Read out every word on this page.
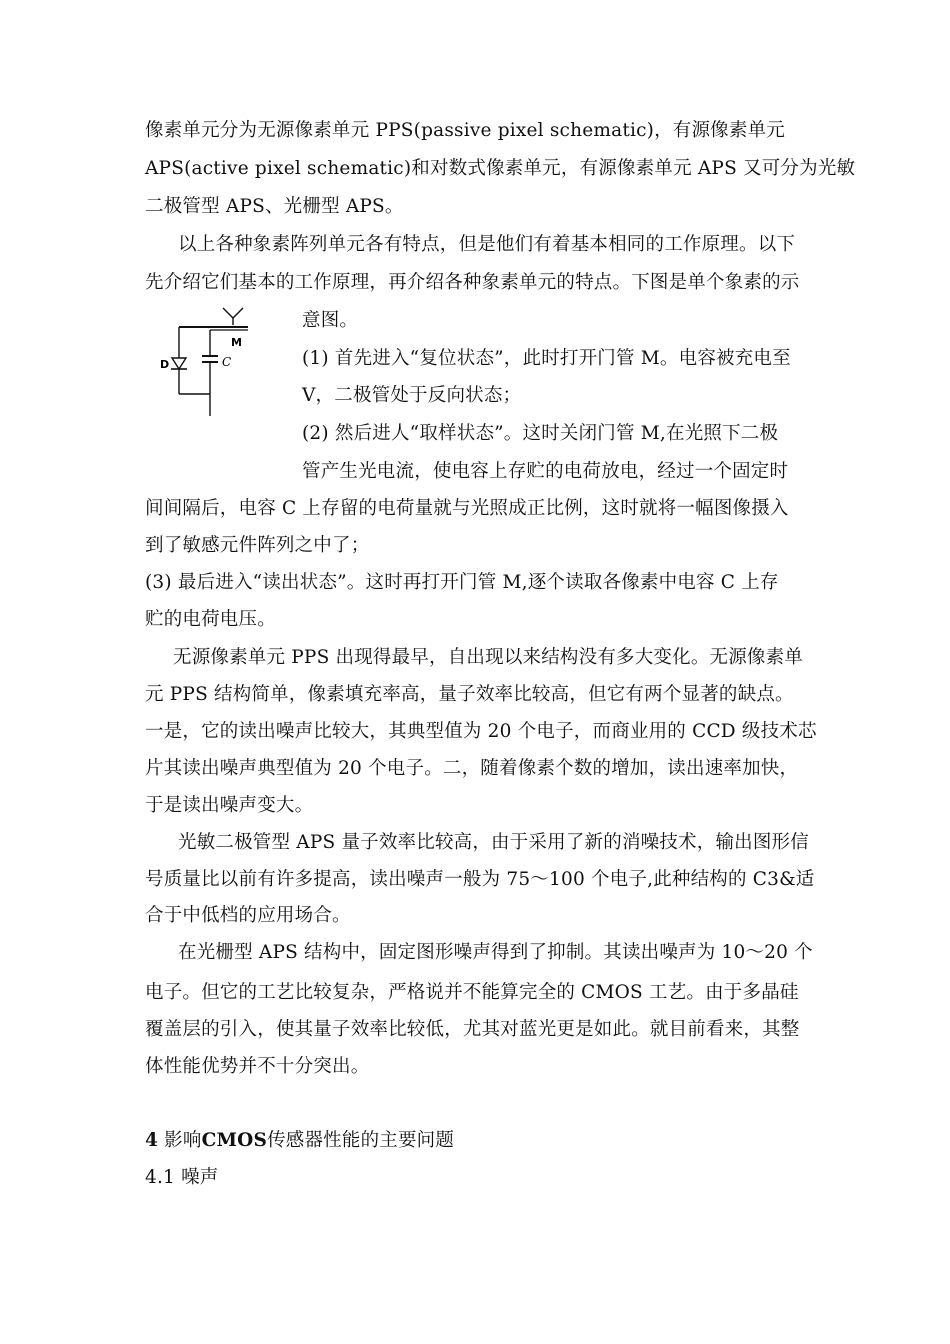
像素单元分为无源像素单元 PPS(passive pixel schematic)，有源像素单元
APS(active pixel schematic)和对数式像素单元，有源像素单元 APS 又可分为光敏
二极管型 APS、光栅型 APS。
以上各种象素阵列单元各有特点，但是他们有着基本相同的工作原理。以下
先介绍它们基本的工作原理，再介绍各种象素单元的特点。下图是单个象素的示
意图。
(1) 首先进入“复位状态”，此时打开门管 M。电容被充电至
V，二极管处于反向状态；
(2) 然后进人“取样状态”。这时关闭门管 M,在光照下二极
管产生光电流，使电容上存贮的电荷放电，经过一个固定时
间间隔后，电容 C 上存留的电荷量就与光照成正比例，这时就将一幅图像摄入
到了敏感元件阵列之中了；
(3) 最后进入“读出状态”。这时再打开门管 M,逐个读取各像素中电容 C 上存
贮的电荷电压。
M
C
D
无源像素单元 PPS 出现得最早，自出现以来结构没有多大变化。无源像素单
元 PPS 结构简单，像素填充率高，量子效率比较高，但它有两个显著的缺点。
一是，它的读出噪声比较大，其典型值为 20 个电子，而商业用的 CCD 级技术芯
片其读出噪声典型值为 20 个电子。二，随着像素个数的增加，读出速率加快，
于是读出噪声变大。
光敏二极管型 APS 量子效率比较高，由于采用了新的消噪技术，输出图形信
号质量比以前有许多提高，读出噪声一般为 75～100 个电子,此种结构的 C3&适
合于中低档的应用场合。
在光栅型 APS 结构中，固定图形噪声得到了抑制。其读出噪声为 10～20 个
电子。但它的工艺比较复杂，严格说并不能算完全的 CMOS 工艺。由于多晶硅
覆盖层的引入，使其量子效率比较低，尤其对蓝光更是如此。就目前看来，其整
体性能优势并不十分突出。
4 影响CMOS传感器性能的主要问题
4.1 噪声
